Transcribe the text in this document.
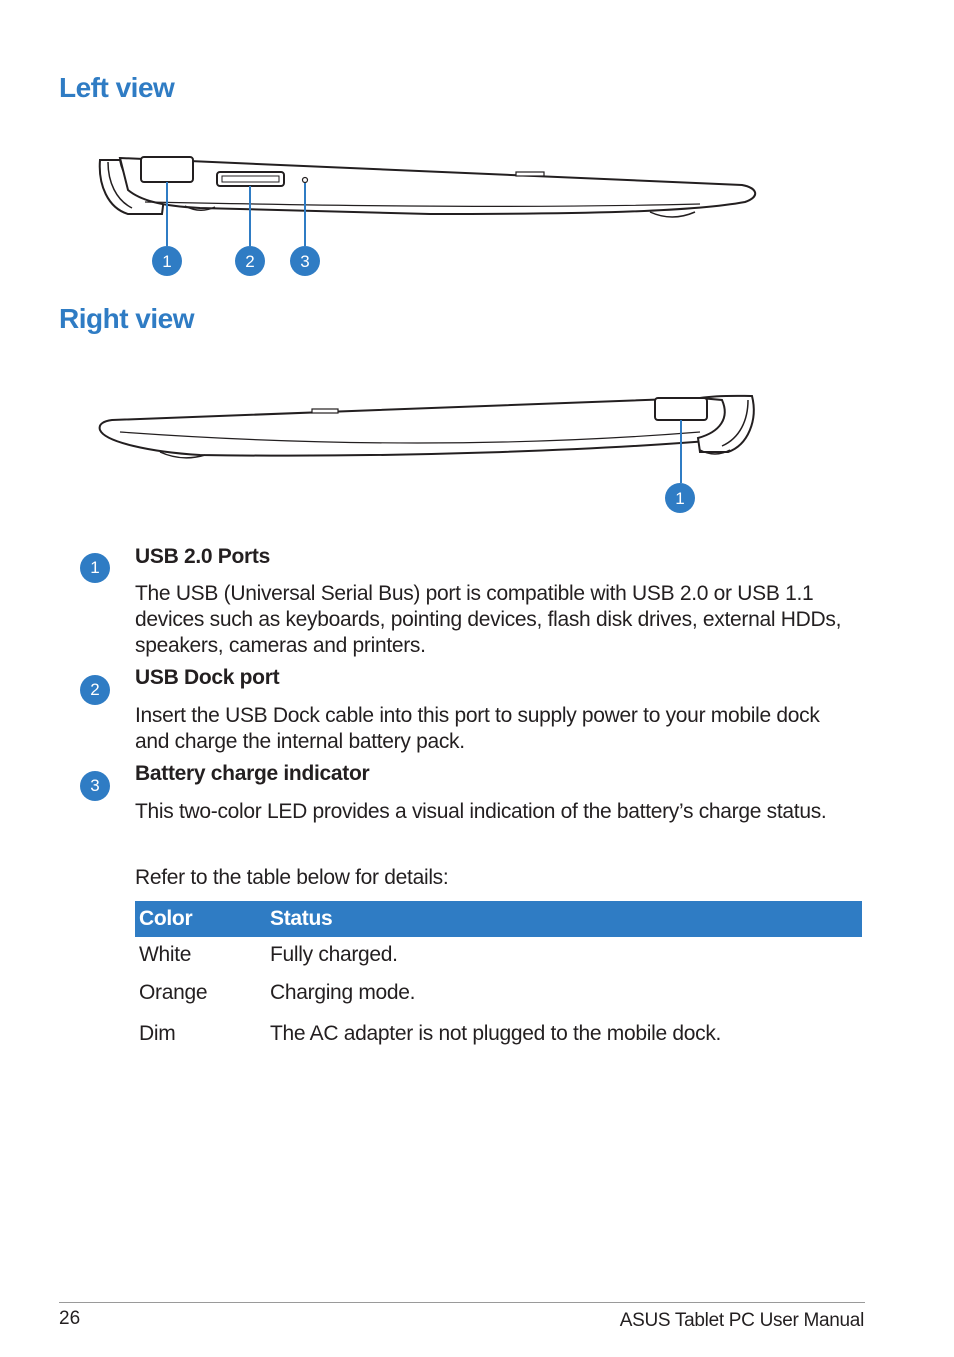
Left view
1	2	3
Right view
1
1	USB 2.0 Ports
The USB (Universal Serial Bus) port is compatible with USB 2.0 or USB 1.1 devices such as keyboards, pointing devices, flash disk drives, external HDDs, speakers, cameras and printers.
2
USB Dock port
Insert the USB Dock cable into this port to supply power to your mobile dock and charge the internal battery pack.
3
Battery charge indicator
This two-color LED provides a visual indication of the battery’s charge status.
Refer to the table below for details:
Color	Status
White	Fully charged.
Orange	Charging mode.
Dim	The AC adapter is not plugged to the mobile dock.
26	ASUS Tablet PC User Manual
